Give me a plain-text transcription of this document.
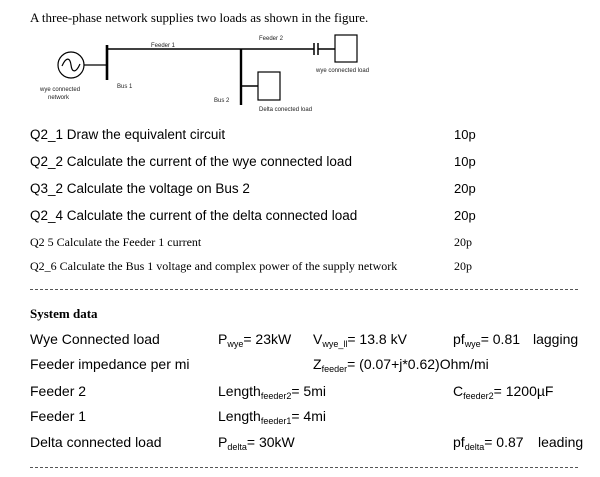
A three-phase network supplies two loads as shown in the figure.
Feeder 1
Feeder 2
wye connected load
wye connected
network
Bus 1
Bus 2
Delta conected load
Q2_1 Draw the equivalent circuit	10p
Q2_2 Calculate the current of the wye connected load	10p
Q3_2 Calculate the voltage on Bus 2	20p
Q2_4 Calculate the current of the delta connected load	20p
Q2 5 Calculate the Feeder 1 current	20p
Q2_6 Calculate the Bus 1 voltage and complex power of the supply network	20p
System data
Wye Connected load	$P_{wye}= 23kW$ $V_{wye\_ll}= 13.8$ kV	$pf_{wye}= 0.81$ lagging
Feeder impedance per mi	$Z_{feeder}= (0.07+j*0.62)Ohm/mi$
Feeder 2	Length$_{feeder2}$= 5mi	$C_{feeder2}= 1200\mu F$
Feeder 1	Length$_{feeder1}$= 4mi
Delta connected load	$P_{delta}= 30kW$	$pf_{delta}= 0.87$ leading
